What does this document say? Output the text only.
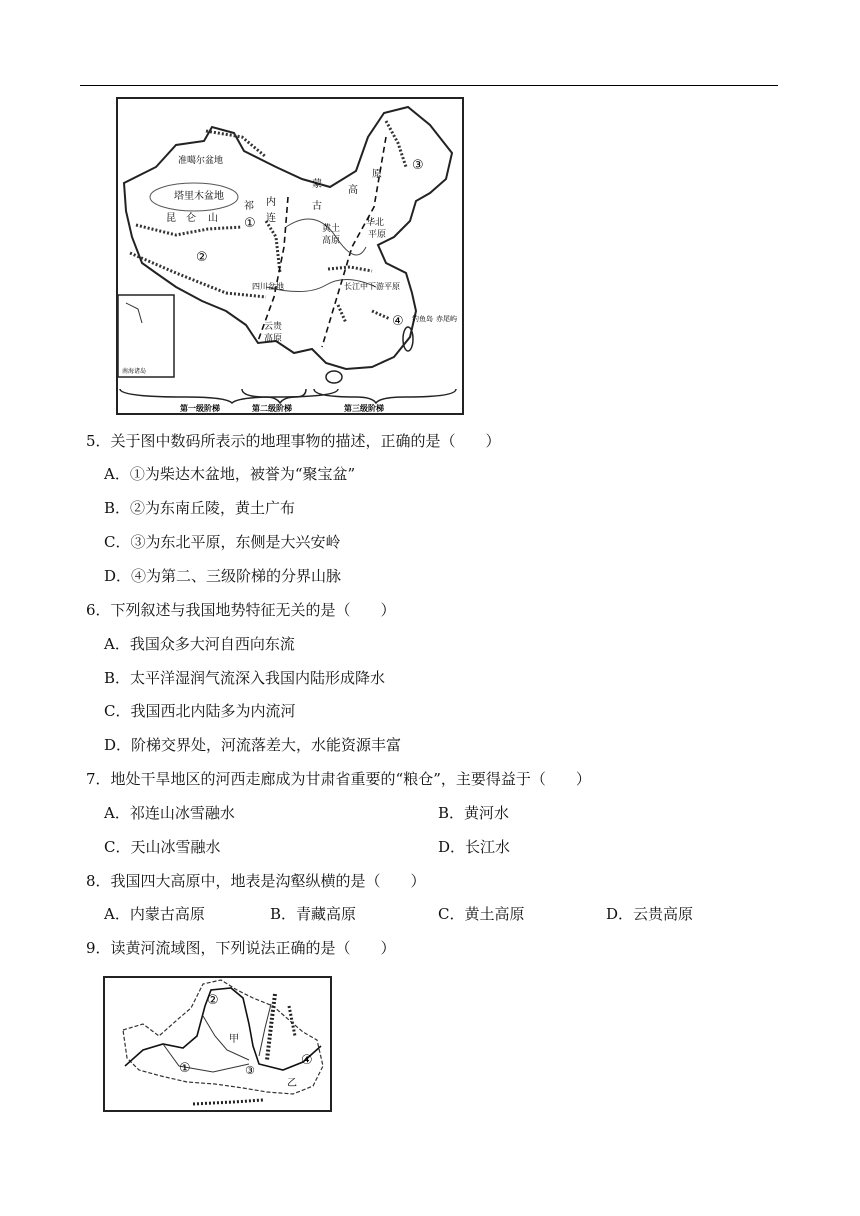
准噶尔盆地
塔里木盆地
昆 仑 山
祁
连
内
蒙
古
高
原
华北
平原
黄土
高原
四川盆地	长江中下游平原
云贵
高原
钓鱼岛 赤尾屿
南海诸岛
①
②
③
④
第一级阶梯	第二级阶梯	第三级阶梯
5．关于图中数码所表示的地理事物的描述，正确的是（　　）
A．①为柴达木盆地，被誉为“聚宝盆”
B．②为东南丘陵，黄土广布
C．③为东北平原，东侧是大兴安岭
D．④为第二、三级阶梯的分界山脉
6．下列叙述与我国地势特征无关的是（　　）
A．我国众多大河自西向东流
B．太平洋湿润气流深入我国内陆形成降水
C．我国西北内陆多为内流河
D．阶梯交界处，河流落差大，水能资源丰富
7．地处干旱地区的河西走廊成为甘肃省重要的“粮仓”，主要得益于（　　）
A．祁连山冰雪融水	B．黄河水
C．天山冰雪融水	D．长江水
8．我国四大高原中，地表是沟壑纵横的是（　　）
A．内蒙古高原	B．青藏高原	C．黄土高原	D．云贵高原
9．读黄河流域图，下列说法正确的是（　　）
①
②
③
④
甲
乙
